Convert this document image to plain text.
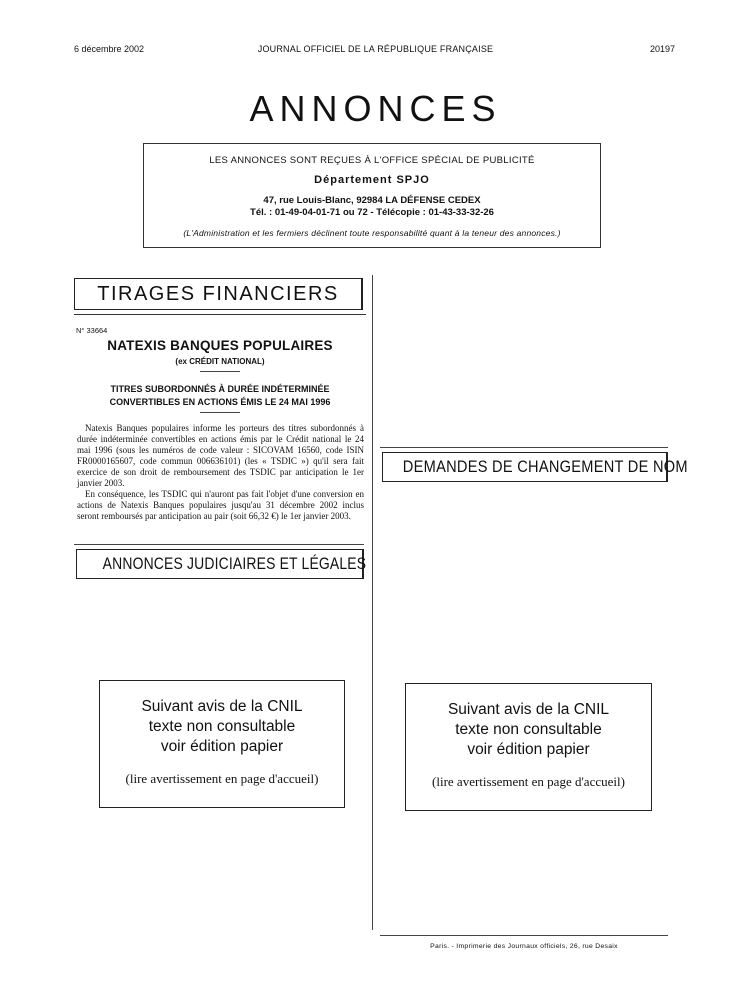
6 décembre 2002	JOURNAL OFFICIEL DE LA RÉPUBLIQUE FRANÇAISE	20197
ANNONCES
LES ANNONCES SONT REÇUES À L'OFFICE SPÉCIAL DE PUBLICITÉ
Département SPJO
47, rue Louis-Blanc, 92984 LA DÉFENSE CEDEX
Tél. : 01-49-04-01-71 ou 72 - Télécopie : 01-43-33-32-26
(L'Administration et les fermiers déclinent toute responsabilité quant à la teneur des annonces.)
TIRAGES FINANCIERS
N° 33664
NATEXIS BANQUES POPULAIRES
(ex CRÉDIT NATIONAL)
TITRES SUBORDONNÉS À DURÉE INDÉTERMINÉE
CONVERTIBLES EN ACTIONS ÉMIS LE 24 MAI 1996

Natexis Banques populaires informe les porteurs des titres subordonnés à durée indéterminée convertibles en actions émis par le Crédit national le 24 mai 1996 (sous les numéros de code valeur : SICOVAM 16560, code ISIN FR0000165607, code commun 006636101) (les « TSDIC ») qu'il sera fait exercice de son droit de remboursement des TSDIC par anticipation le 1er janvier 2003.

En conséquence, les TSDIC qui n'auront pas fait l'objet d'une conversion en actions de Natexis Banques populaires jusqu'au 31 décembre 2002 inclus seront remboursés par anticipation au pair (soit 66,32 €) le 1er janvier 2003.

ANNONCES JUDICIAIRES ET LÉGALES
Suivant avis de la CNIL
texte non consultable
voir édition papier
(lire avertissement en page d'accueil)
DEMANDES DE CHANGEMENT DE NOM
Suivant avis de la CNIL
texte non consultable
voir édition papier
(lire avertissement en page d'accueil)
Paris. - Imprimerie des Journaux officiels, 26, rue Desaix
